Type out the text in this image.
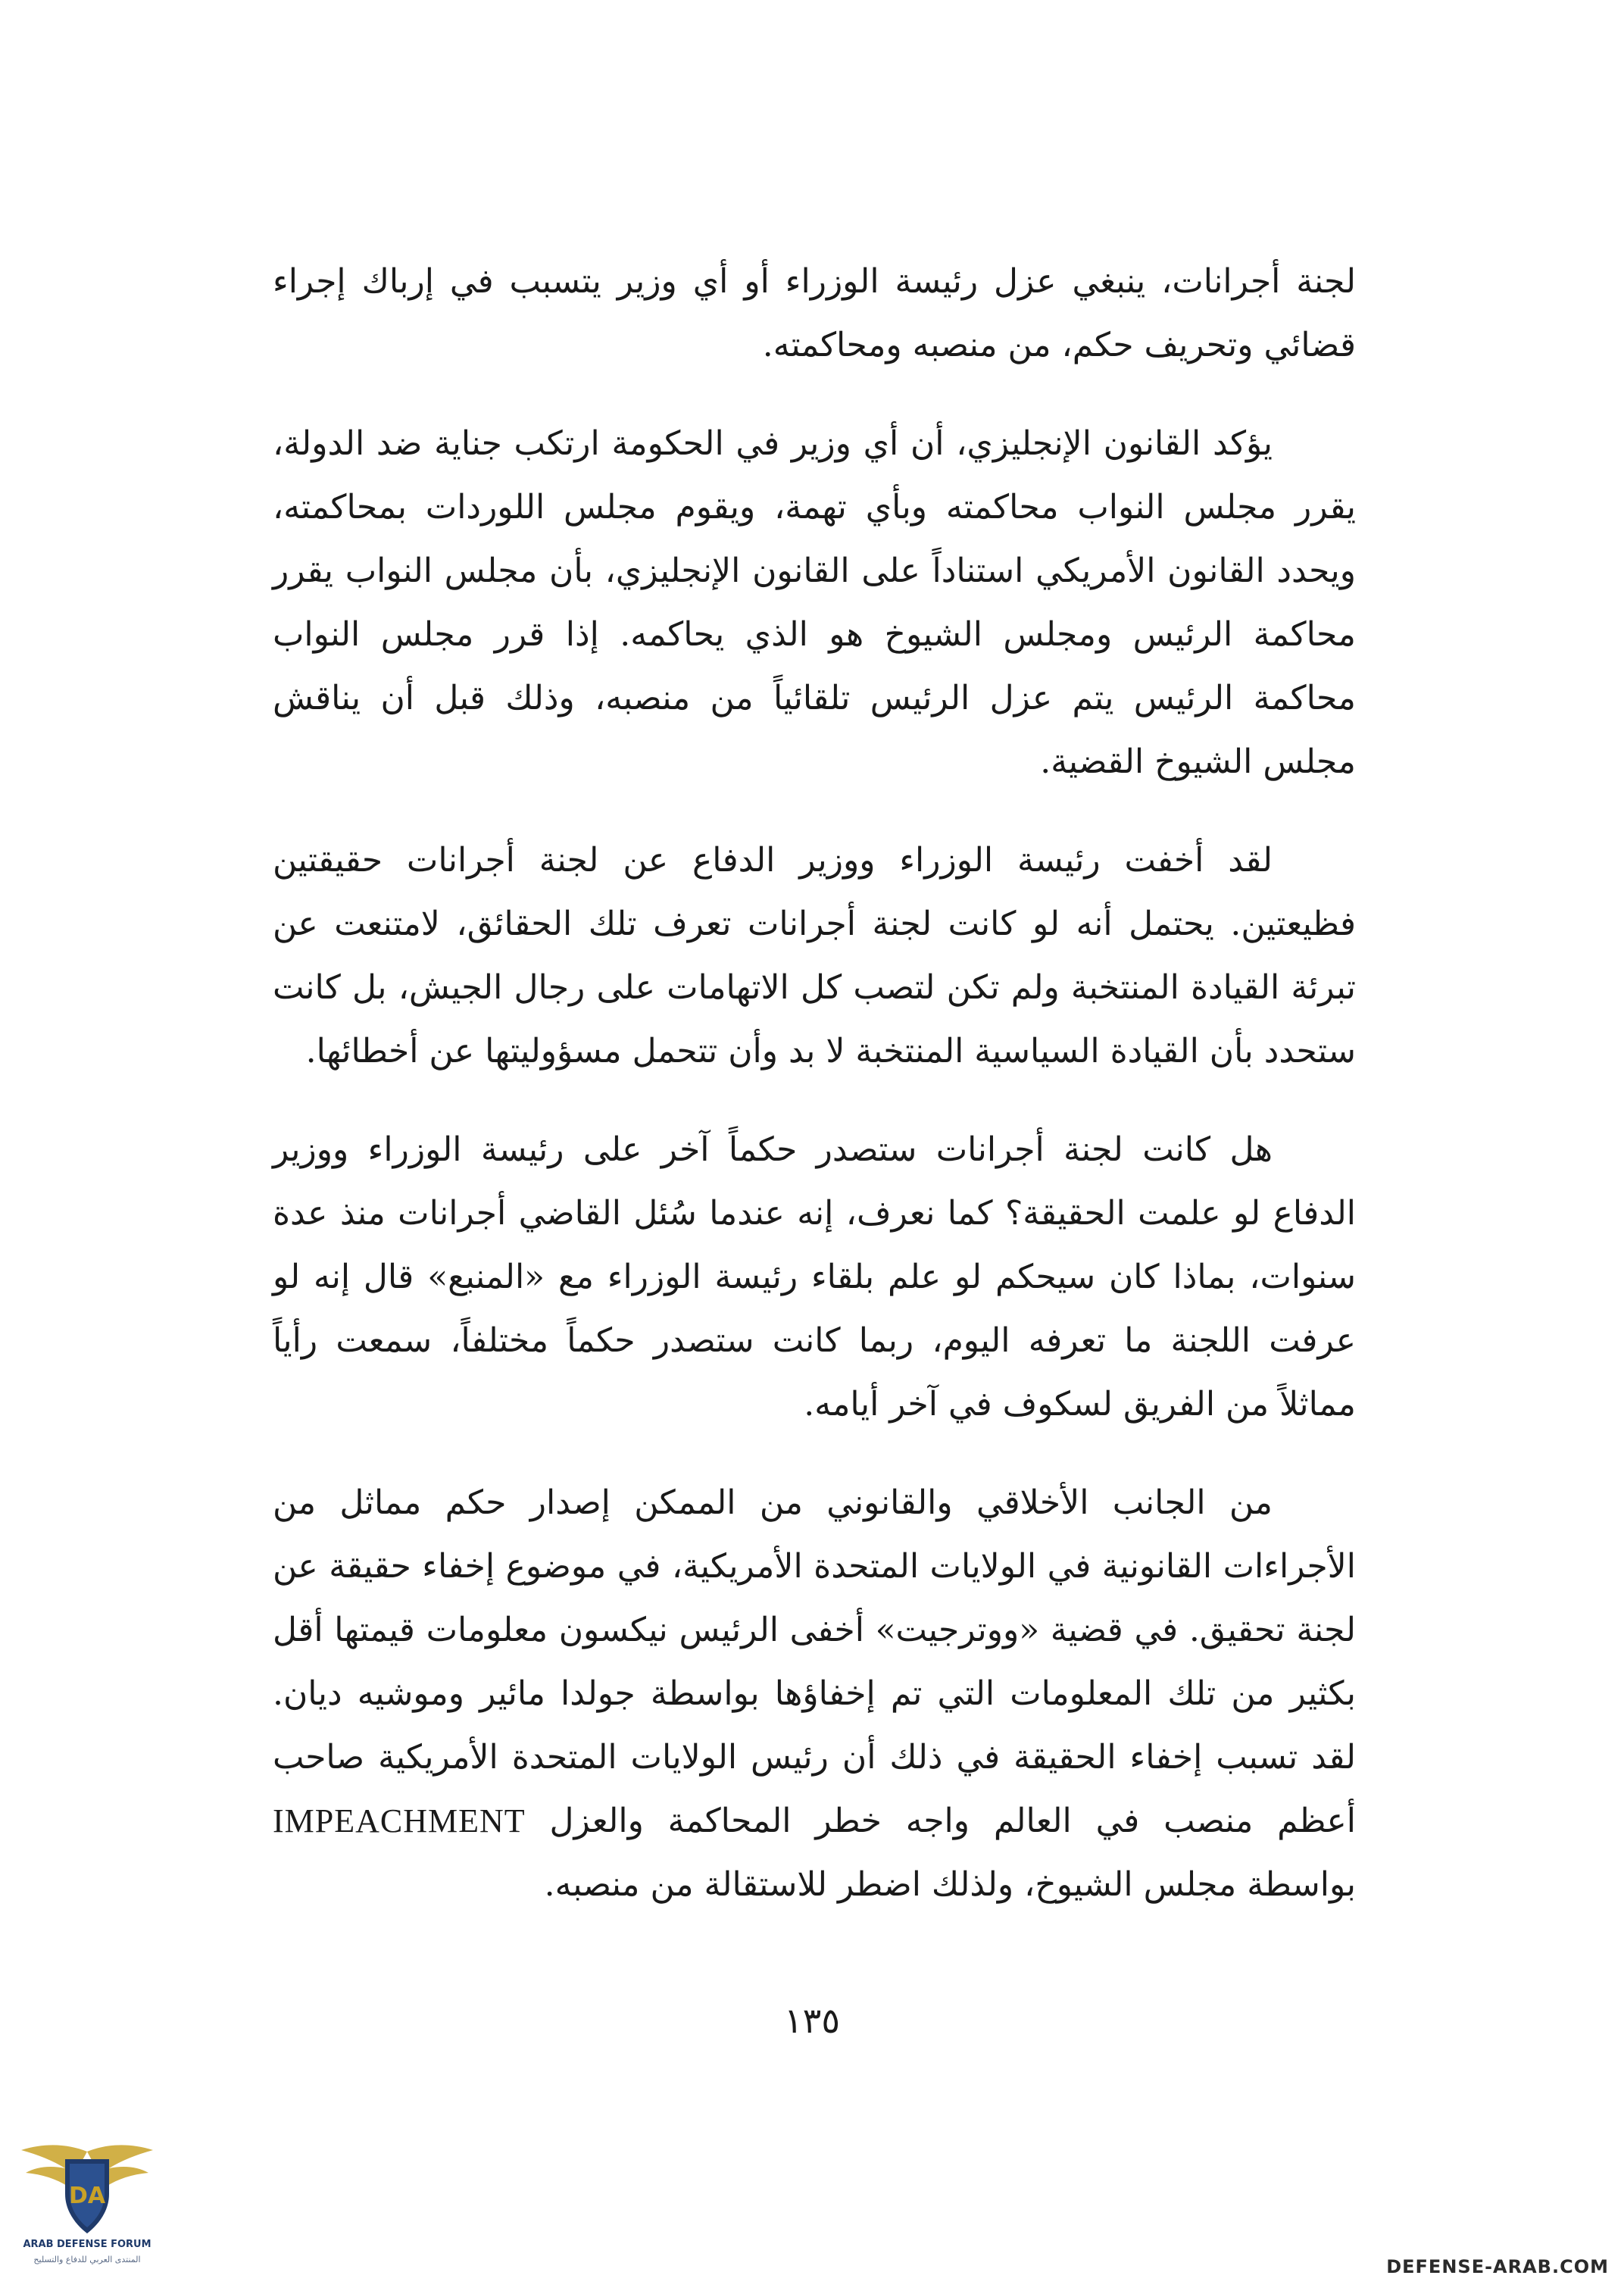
لجنة أجرانات، ينبغي عزل رئيسة الوزراء أو أي وزير يتسبب في إرباك إجراء قضائي وتحريف حكم، من منصبه ومحاكمته.

يؤكد القانون الإنجليزي، أن أي وزير في الحكومة ارتكب جناية ضد الدولة، يقرر مجلس النواب محاكمته وبأي تهمة، ويقوم مجلس اللوردات بمحاكمته، ويحدد القانون الأمريكي استناداً على القانون الإنجليزي، بأن مجلس النواب يقرر محاكمة الرئيس ومجلس الشيوخ هو الذي يحاكمه. إذا قرر مجلس النواب محاكمة الرئيس يتم عزل الرئيس تلقائياً من منصبه، وذلك قبل أن يناقش مجلس الشيوخ القضية.

لقد أخفت رئيسة الوزراء ووزير الدفاع عن لجنة أجرانات حقيقتين فظيعتين. يحتمل أنه لو كانت لجنة أجرانات تعرف تلك الحقائق، لامتنعت عن تبرئة القيادة المنتخبة ولم تكن لتصب كل الاتهامات على رجال الجيش، بل كانت ستحدد بأن القيادة السياسية المنتخبة لا بد وأن تتحمل مسؤوليتها عن أخطائها.

هل كانت لجنة أجرانات ستصدر حكماً آخر على رئيسة الوزراء ووزير الدفاع لو علمت الحقيقة؟ كما نعرف، إنه عندما سُئل القاضي أجرانات منذ عدة سنوات، بماذا كان سيحكم لو علم بلقاء رئيسة الوزراء مع «المنبع» قال إنه لو عرفت اللجنة ما تعرفه اليوم، ربما كانت ستصدر حكماً مختلفاً، سمعت رأياً مماثلاً من الفريق لسكوف في آخر أيامه.

من الجانب الأخلاقي والقانوني من الممكن إصدار حكم مماثل من الأجراءات القانونية في الولايات المتحدة الأمريكية، في موضوع إخفاء حقيقة عن لجنة تحقيق. في قضية «ووترجيت» أخفى الرئيس نيكسون معلومات قيمتها أقل بكثير من تلك المعلومات التي تم إخفاؤها بواسطة جولدا مائير وموشيه ديان. لقد تسبب إخفاء الحقيقة في ذلك أن رئيس الولايات المتحدة الأمريكية صاحب أعظم منصب في العالم واجه خطر المحاكمة والعزل IMPEACHMENT بواسطة مجلس الشيوخ، ولذلك اضطر للاستقالة من منصبه.

١٣٥
DA
ARAB DEFENSE FORUM
المنتدى العربي للدفاع والتسليح	DEFENSE-ARAB.COM
